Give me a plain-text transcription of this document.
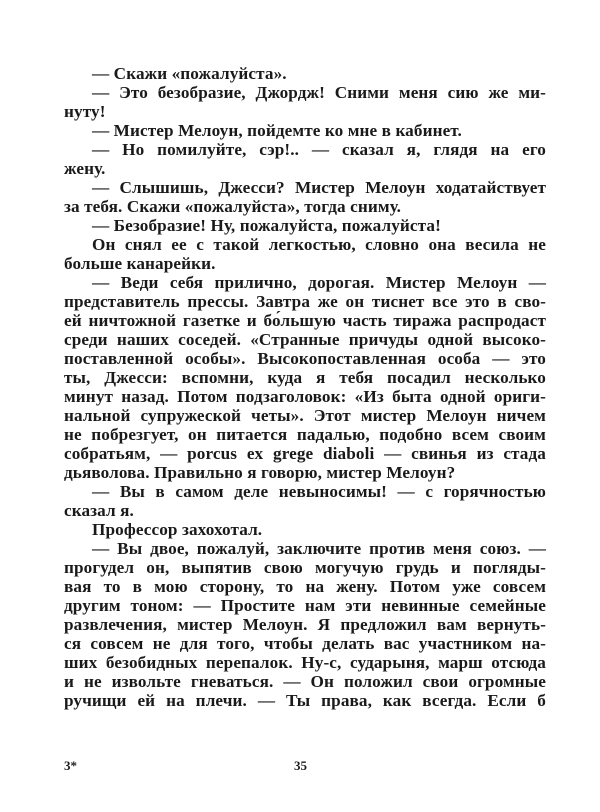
— Скажи «пожалуйста».
— Это безобразие, Джордж! Сними меня сию же ми-
нуту!
— Мистер Мелоун, пойдемте ко мне в кабинет.
— Но помилуйте, сэр!.. — сказал я, глядя на его
жену.
— Слышишь, Джесси? Мистер Мелоун ходатайствует
за тебя. Скажи «пожалуйста», тогда сниму.
— Безобразие! Ну, пожалуйста, пожалуйста!
Он снял ее с такой легкостью, словно она весила не
больше канарейки.
— Веди себя прилично, дорогая. Мистер Мелоун —
представитель прессы. Завтра же он тиснет все это в сво-
ей ничтожной газетке и бо́льшую часть тиража распродаст
среди наших соседей. «Странные причуды одной высоко-
поставленной особы». Высокопоставленная особа — это
ты, Джесси: вспомни, куда я тебя посадил несколько
минут назад. Потом подзаголовок: «Из быта одной ориги-
нальной супружеской четы». Этот мистер Мелоун ничем
не побрезгует, он питается падалью, подобно всем своим
собратьям, — porcus ex grege diaboli — свинья из стада
дьяволова. Правильно я говорю, мистер Мелоун?
— Вы в самом деле невыносимы! — с горячностью
сказал я.
Профессор захохотал.
— Вы двое, пожалуй, заключите против меня союз. —
прогудел он, выпятив свою могучую грудь и погляды-
вая то в мою сторону, то на жену. Потом уже совсем
другим тоном: — Простите нам эти невинные семейные
развлечения, мистер Мелоун. Я предложил вам вернуть-
ся совсем не для того, чтобы делать вас участником на-
ших безобидных перепалок. Ну-с, сударыня, марш отсюда
и не извольте гневаться. — Он положил свои огромные
ручищи ей на плечи. — Ты права, как всегда. Если б
3*	35
